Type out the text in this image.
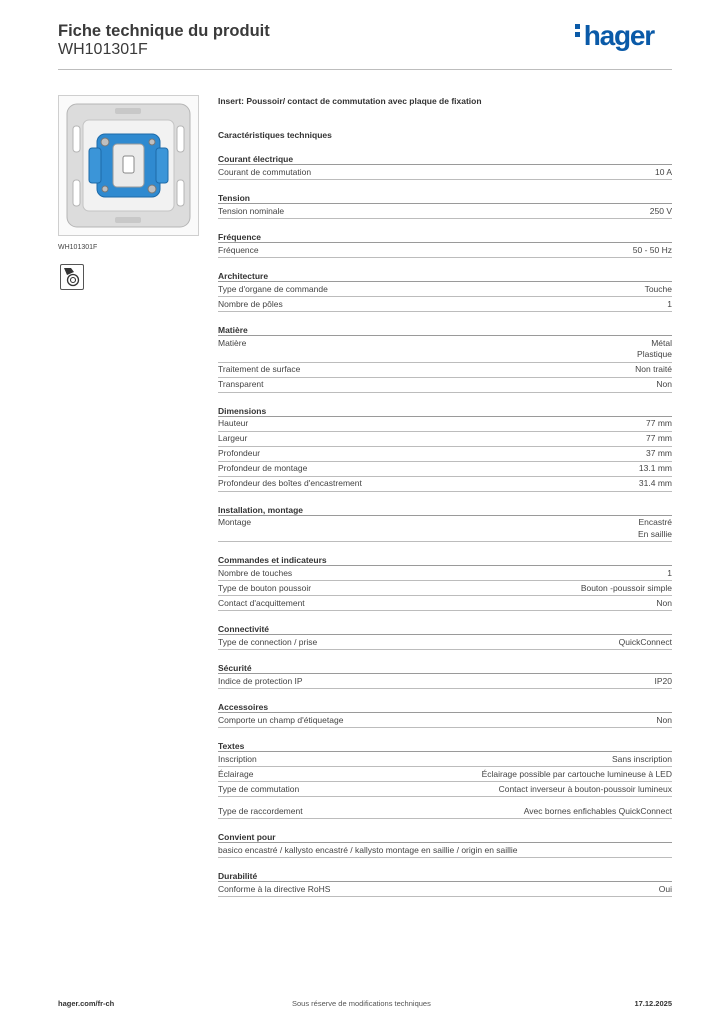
Fiche technique du produit
WH101301F	hager
WH101301F
Insert: Poussoir/ contact de commutation avec plaque de fixation
Caractéristiques techniques
Courant électrique
Courant de commutation	10 A
Tension
Tension nominale	250 V
Fréquence
Fréquence	50 - 50 Hz
Architecture
Type d'organe de commande	Touche
Nombre de pôles	1
Matière
Matière	Métal
Plastique
Traitement de surface	Non traité
Transparent	Non
Dimensions
Hauteur	77 mm
Largeur	77 mm
Profondeur	37 mm
Profondeur de montage	13.1 mm
Profondeur des boîtes d'encastrement	31.4 mm
Installation, montage
Montage	Encastré
En saillie
Commandes et indicateurs
Nombre de touches	1
Type de bouton poussoir	Bouton -poussoir simple
Contact d'acquittement	Non
Connectivité
Type de connection / prise	QuickConnect
Sécurité
Indice de protection IP	IP20
Accessoires
Comporte un champ d'étiquetage	Non
Textes
Inscription	Sans inscription
Éclairage	Éclairage possible par cartouche lumineuse à LED
Type de commutation	Contact inverseur à bouton-poussoir lumineux
Type de raccordement	Avec bornes enfichables QuickConnect
Convient pour
basico encastré / kallysto encastré / kallysto montage en saillie / origin en saillie
Durabilité
Conforme à la directive RoHS	Oui
hager.com/fr-ch	Sous réserve de modifications techniques	17.12.2025
